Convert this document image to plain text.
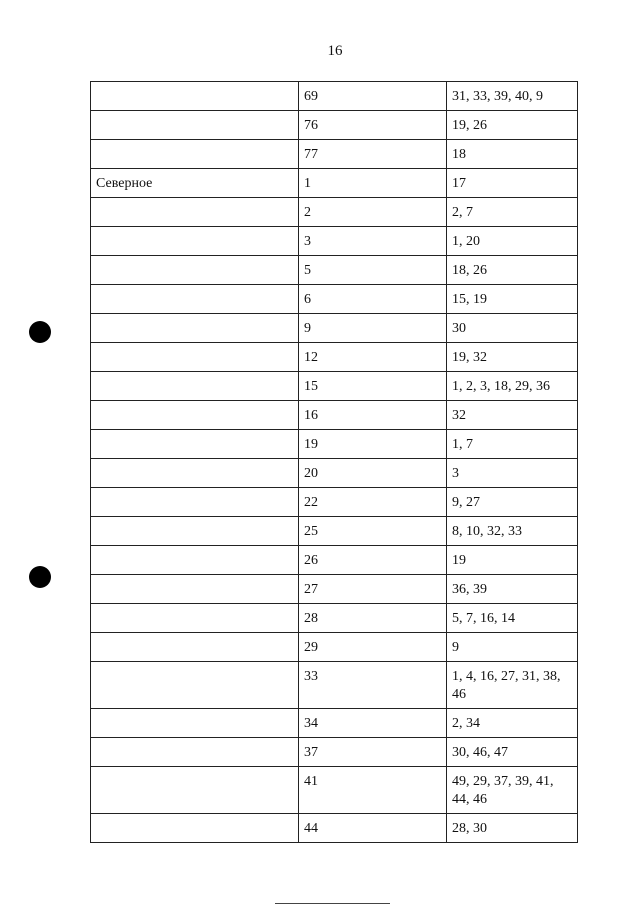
16
	69	31, 33, 39, 40, 9
	76	19, 26
	77	18
Северное	1	17
	2	2, 7
	3	1, 20
	5	18, 26
	6	15, 19
	9	30
	12	19, 32
	15	1, 2, 3, 18, 29, 36
	16	32
	19	1, 7
	20	3
	22	9, 27
	25	8, 10, 32, 33
	26	19
	27	36, 39
	28	5, 7, 16, 14
	29	9
	33	1, 4, 16, 27, 31, 38, 46
	34	2, 34
	37	30, 46, 47
	41	49, 29, 37, 39, 41, 44, 46
	44	28, 30
